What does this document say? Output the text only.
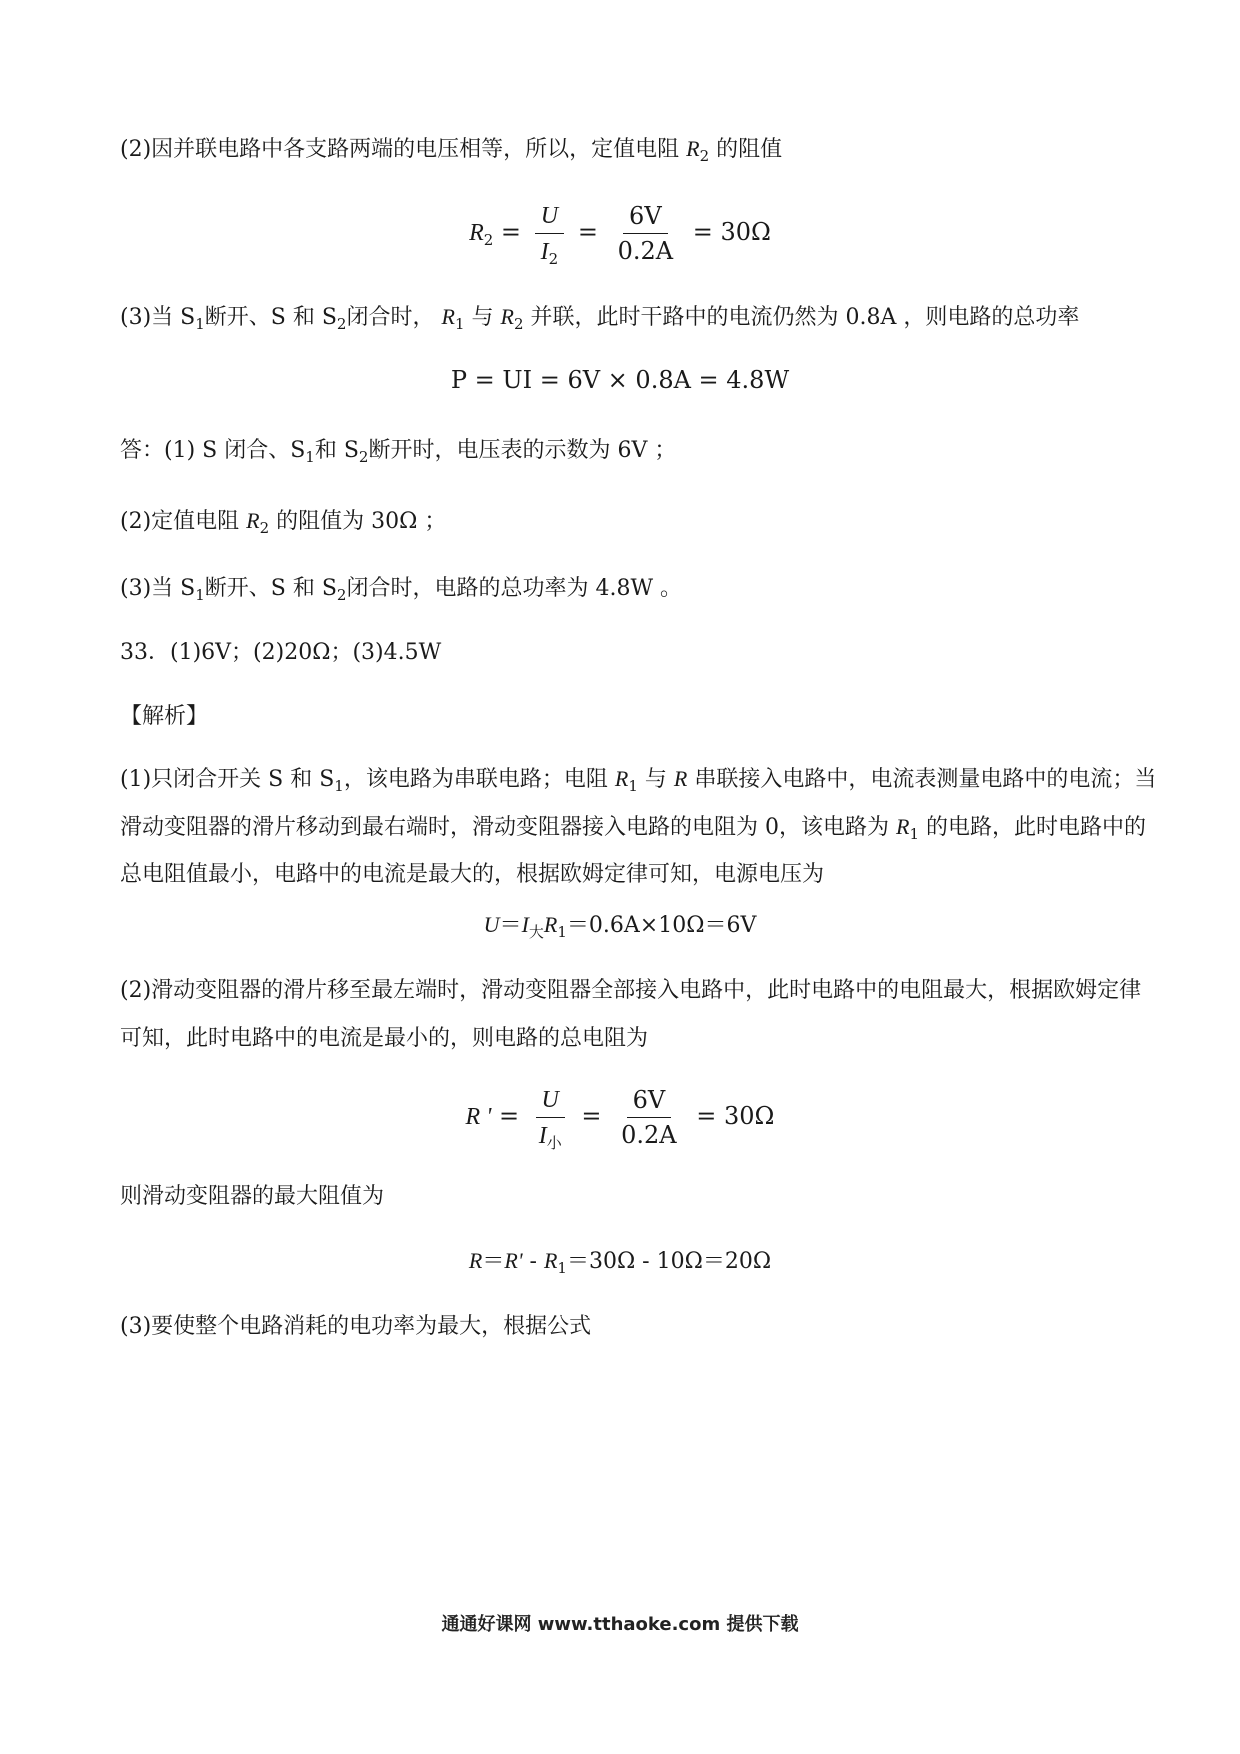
(2)因并联电路中各支路两端的电压相等，所以，定值电阻 $R_2$ 的阻值
$R_2 = \frac{U}{I_2} = \frac{6V}{0.2A} = 30\Omega$
(3)当 $S_1$断开、S 和 $S_2$闭合时， $R_1$ 与 $R_2$ 并联，此时干路中的电流仍然为 0.8A ，则电路的总功率
P = UI = 6V × 0.8A = 4.8W
答：(1) S 闭合、$S_1$和 $S_2$断开时，电压表的示数为 6V ；
(2)定值电阻 $R_2$ 的阻值为 30Ω ；
(3)当 $S_1$断开、S 和 $S_2$闭合时，电路的总功率为 4.8W 。
33．(1)6V；(2)20Ω；(3)4.5W
【解析】
(1)只闭合开关 S 和 $S_1$，该电路为串联电路；电阻 $R_1$ 与 R 串联接入电路中，电流表测量电路中的电流；当
滑动变阻器的滑片移动到最右端时，滑动变阻器接入电路的电阻为 0，该电路为 $R_1$ 的电路，此时电路中的
总电阻值最小，电路中的电流是最大的，根据欧姆定律可知，电源电压为
$U=I_大R_1=0.6A\times 10\Omega=6V$
(2)滑动变阻器的滑片移至最左端时，滑动变阻器全部接入电路中，此时电路中的电阻最大，根据欧姆定律
可知，此时电路中的电流是最小的，则电路的总电阻为
R ' = $\frac{U}{I_小} = \frac{6V}{0.2A} = 30\Omega$
则滑动变阻器的最大阻值为
$R=R' - R_1=30\Omega - 10\Omega=20\Omega$
(3)要使整个电路消耗的电功率为最大，根据公式
通通好课网 www.tthaoke.com 提供下载
